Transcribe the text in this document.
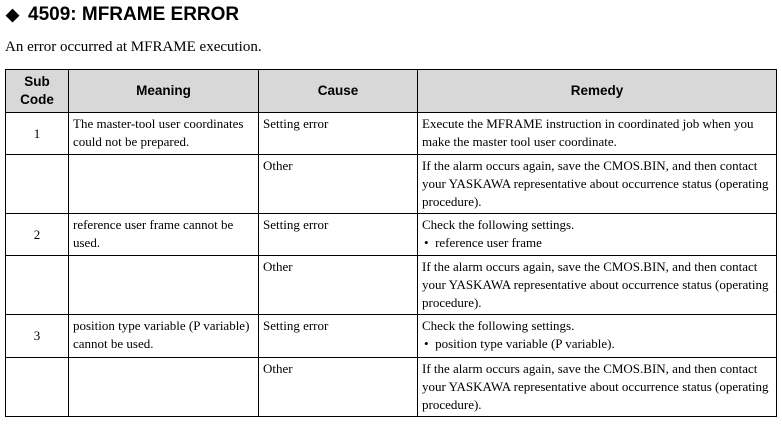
◆ 4509: MFRAME ERROR
An error occurred at MFRAME execution.
Sub
Code	Meaning	Cause	Remedy
1	The master-tool user coordinates could not be prepared.	Setting error	Execute the MFRAME instruction in coordinated job when you make the master tool user coordinate.
		Other	If the alarm occurs again, save the CMOS.BIN, and then contact your YASKAWA representative about occurrence status (operating procedure).
2	reference user frame cannot be used.	Setting error	Check the following settings.
•  reference user frame

		Other	If the alarm occurs again, save the CMOS.BIN, and then contact your YASKAWA representative about occurrence status (operating procedure).
3	position type variable (P variable) cannot be used.	Setting error	Check the following settings.
•  position type variable (P variable).

		Other	If the alarm occurs again, save the CMOS.BIN, and then contact your YASKAWA representative about occurrence status (operating procedure).
